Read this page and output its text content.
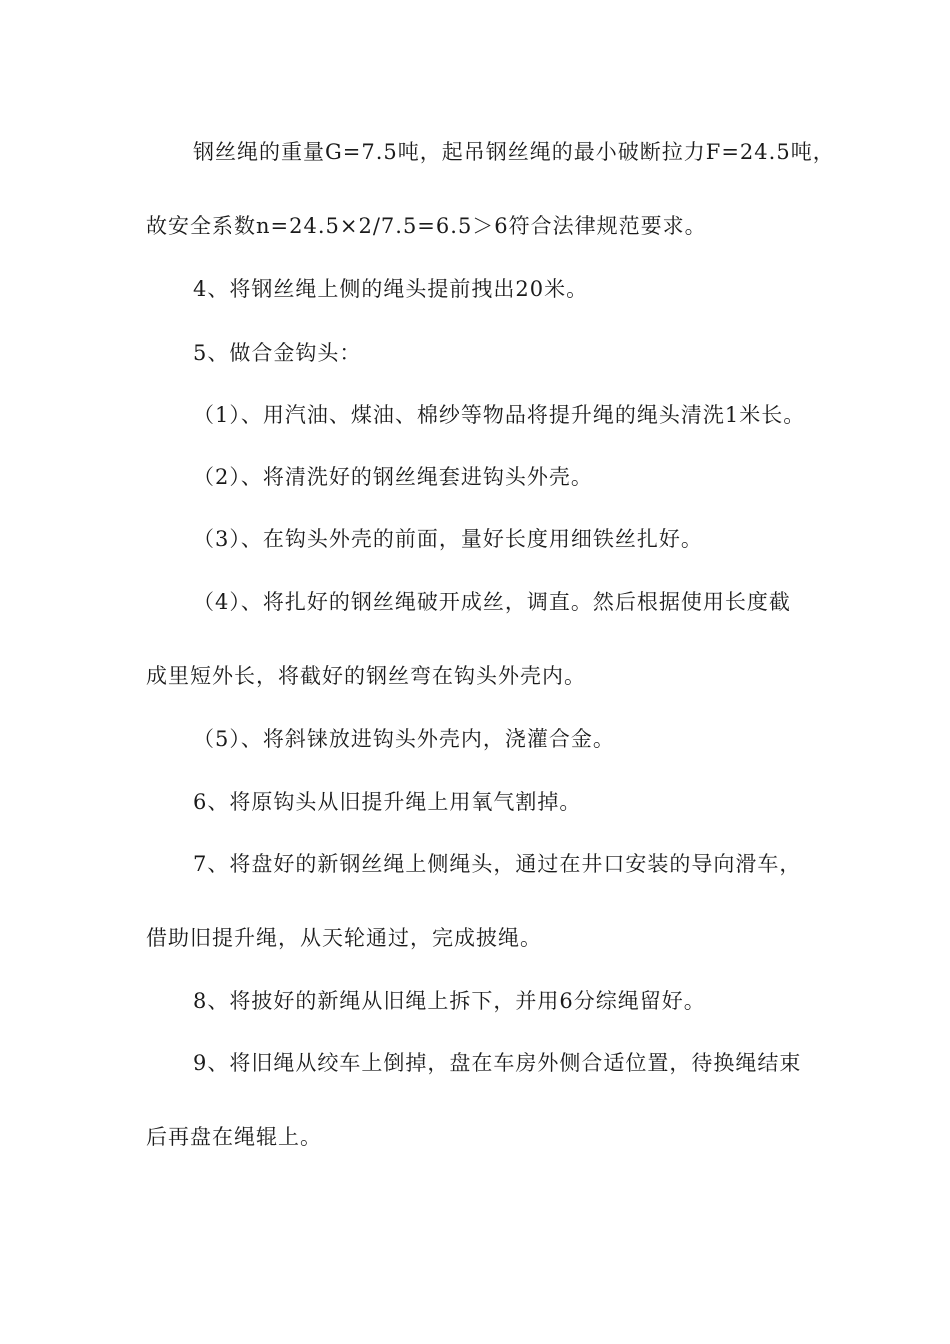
钢丝绳的重量G=7.5吨，起吊钢丝绳的最小破断拉力F=24.5吨，
故安全系数n=24.5×2/7.5=6.5＞6符合法律规范要求。
4、将钢丝绳上侧的绳头提前拽出20米。
5、做合金钩头：
（1）、用汽油、煤油、棉纱等物品将提升绳的绳头清洗1米长。
（2）、将清洗好的钢丝绳套进钩头外壳。
（3）、在钩头外壳的前面，量好长度用细铁丝扎好。
（4）、将扎好的钢丝绳破开成丝，调直。然后根据使用长度截
成里短外长，将截好的钢丝弯在钩头外壳内。
（5）、将斜铼放进钩头外壳内，浇灌合金。
6、将原钩头从旧提升绳上用氧气割掉。
7、将盘好的新钢丝绳上侧绳头，通过在井口安装的导向滑车，
借助旧提升绳，从天轮通过，完成披绳。
8、将披好的新绳从旧绳上拆下，并用6分综绳留好。
9、将旧绳从绞车上倒掉，盘在车房外侧合适位置，待换绳结束
后再盘在绳辊上。
